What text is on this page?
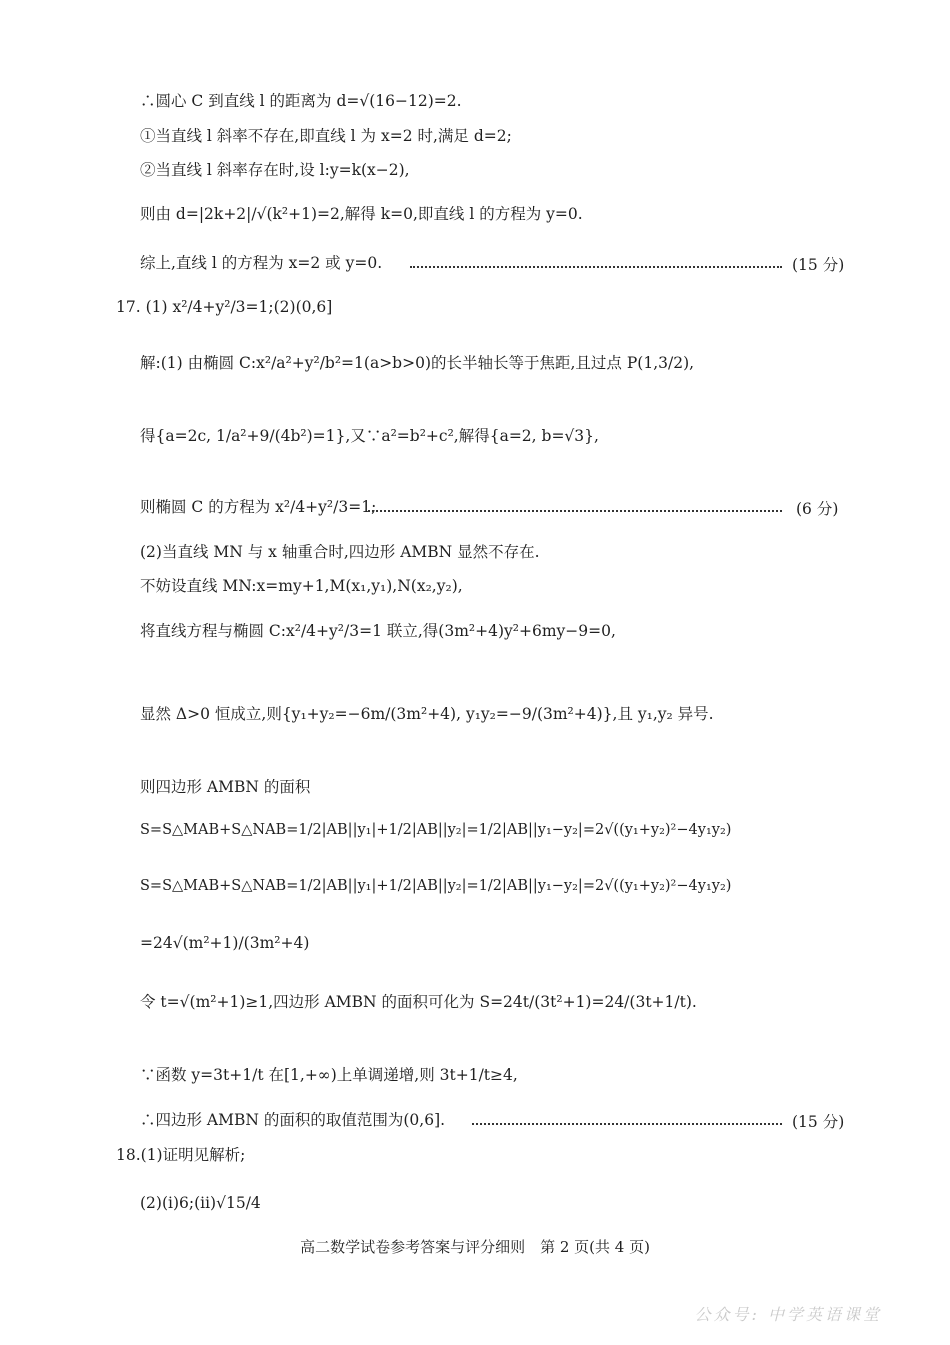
∴圆心 C 到直线 l 的距离为 d=√(16−12)=2.
①当直线 l 斜率不存在,即直线 l 为 x=2 时,满足 d=2;
②当直线 l 斜率存在时,设 l:y=k(x−2),
则由 d=|2k+2|/√(k²+1)=2,解得 k=0,即直线 l 的方程为 y=0.
综上,直线 l 的方程为 x=2 或 y=0.	(15 分)
17. (1) x²/4+y²/3=1;(2)(0,6]
解:(1) 由椭圆 C:x²/a²+y²/b²=1(a>b>0)的长半轴长等于焦距,且过点 P(1,3/2),
得{a=2c, 1/a²+9/(4b²)=1},又∵a²=b²+c²,解得{a=2, b=√3},
则椭圆 C 的方程为 x²/4+y²/3=1;	(6 分)
(2)当直线 MN 与 x 轴重合时,四边形 AMBN 显然不存在.
不妨设直线 MN:x=my+1,M(x₁,y₁),N(x₂,y₂),
将直线方程与椭圆 C:x²/4+y²/3=1 联立,得(3m²+4)y²+6my−9=0,
显然 Δ>0 恒成立,则{y₁+y₂=−6m/(3m²+4), y₁y₂=−9/(3m²+4)},且 y₁,y₂ 异号.
则四边形 AMBN 的面积
S=S△MAB+S△NAB=1/2|AB||y₁|+1/2|AB||y₂|=1/2|AB||y₁−y₂|=2√((y₁+y₂)²−4y₁y₂)
S=S△MAB+S△NAB=1/2|AB||y₁|+1/2|AB||y₂|=1/2|AB||y₁−y₂|=2√((y₁+y₂)²−4y₁y₂)
=24√(m²+1)/(3m²+4)
令 t=√(m²+1)≥1,四边形 AMBN 的面积可化为 S=24t/(3t²+1)=24/(3t+1/t).
∵函数 y=3t+1/t 在[1,+∞)上单调递增,则 3t+1/t≥4,
∴四边形 AMBN 的面积的取值范围为(0,6].	(15 分)
18.(1)证明见解析;
(2)(ⅰ)6;(ⅱ)√15/4
高二数学试卷参考答案与评分细则　第 2 页(共 4 页)
公众号: 中学英语课堂
